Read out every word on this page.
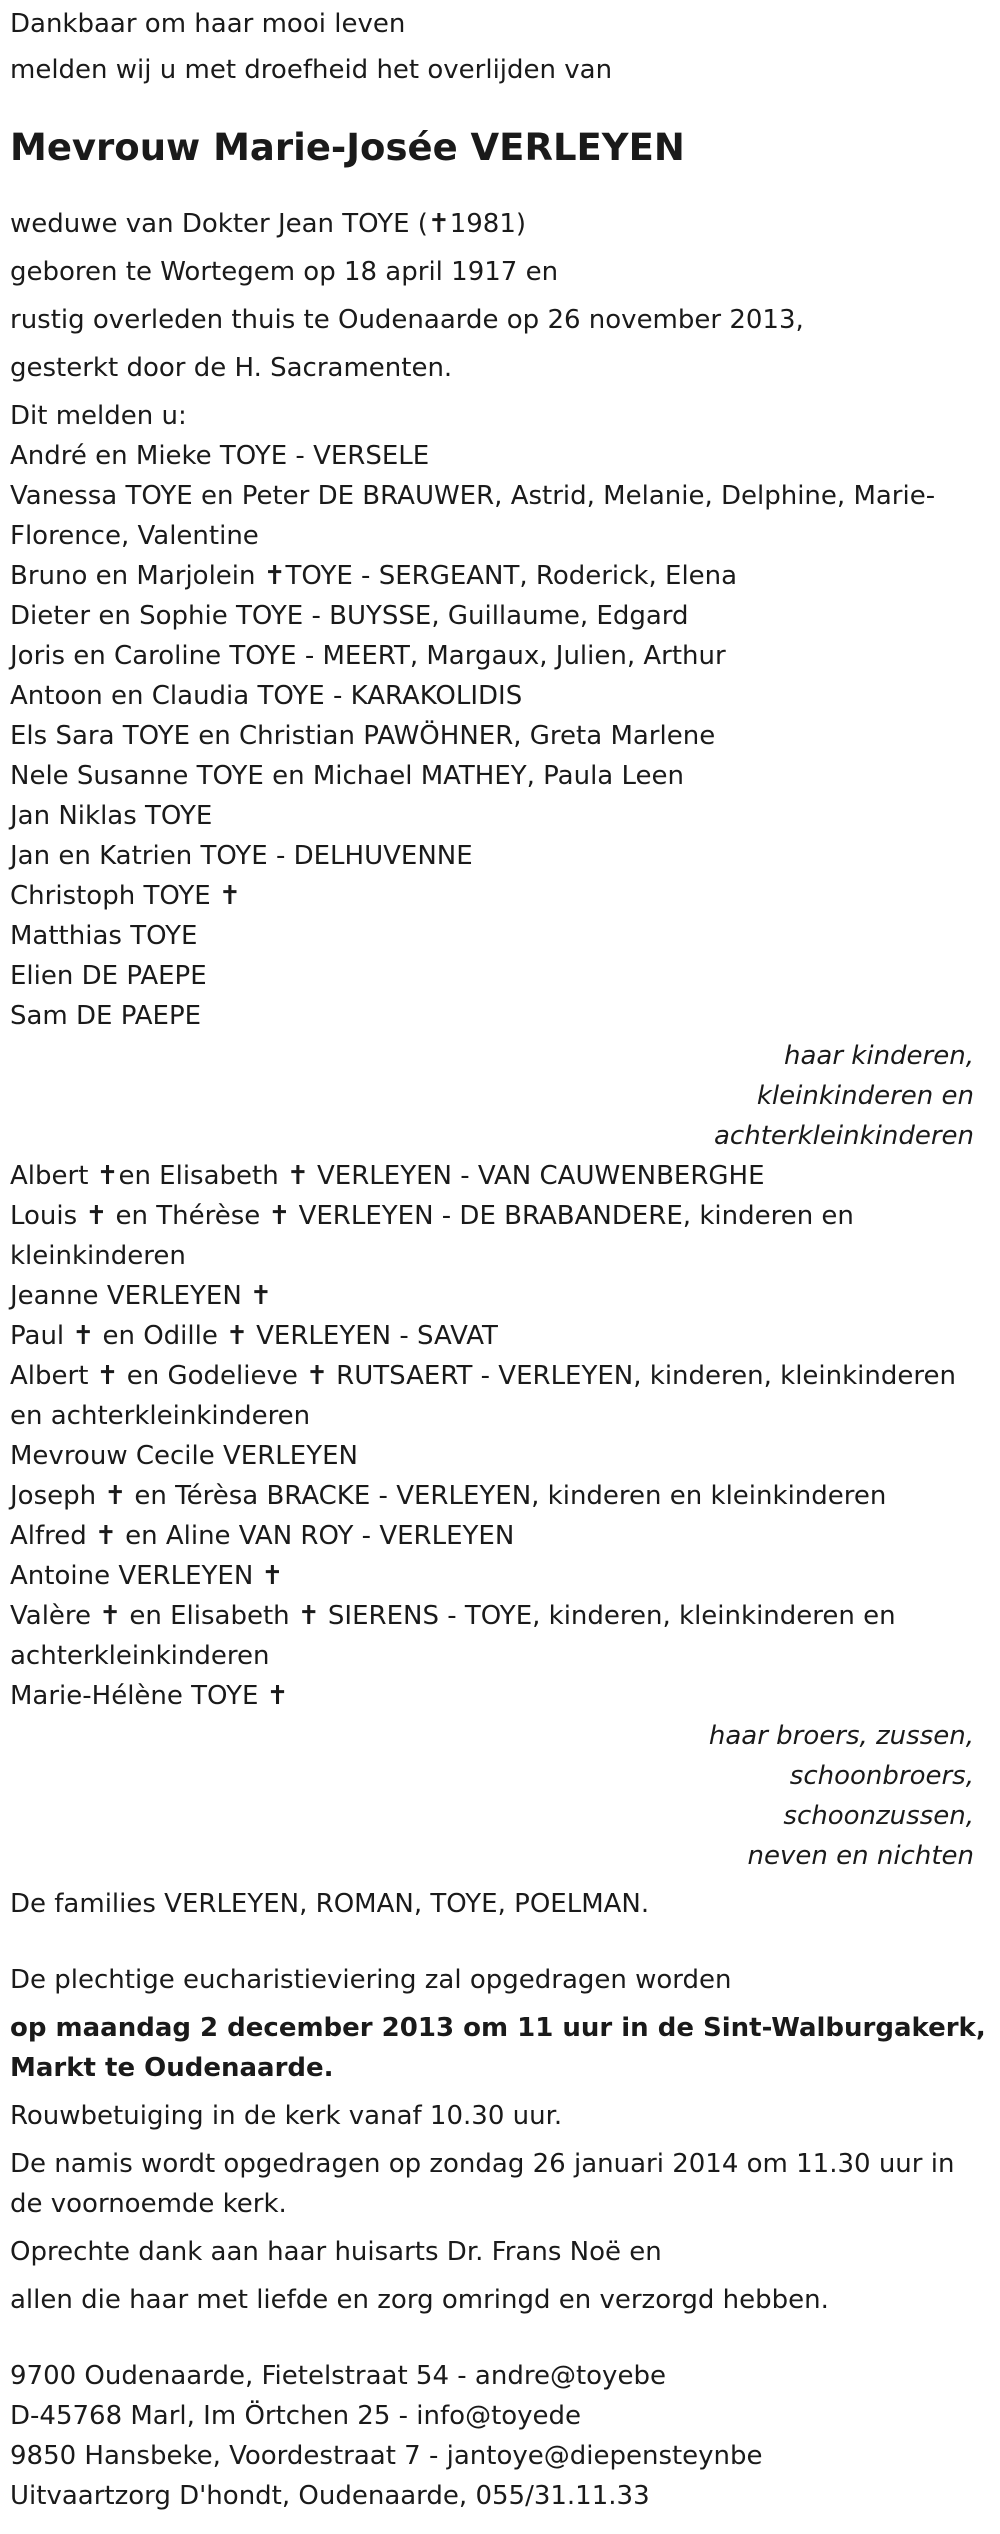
Dankbaar om haar mooi leven
melden wij u met droefheid het overlijden van
Mevrouw Marie-Josée VERLEYEN
weduwe van Dokter Jean TOYE (✝1981)
geboren te Wortegem op 18 april 1917 en
rustig overleden thuis te Oudenaarde op 26 november 2013,
gesterkt door de H. Sacramenten.
Dit melden u:
André en Mieke TOYE - VERSELE
Vanessa TOYE en Peter DE BRAUWER, Astrid, Melanie, Delphine, Marie-Florence, Valentine
Bruno en Marjolein ✝TOYE - SERGEANT, Roderick, Elena
Dieter en Sophie TOYE - BUYSSE, Guillaume, Edgard
Joris en Caroline TOYE - MEERT, Margaux, Julien, Arthur
Antoon en Claudia TOYE - KARAKOLIDIS
Els Sara TOYE en Christian PAWÖHNER, Greta Marlene
Nele Susanne TOYE en Michael MATHEY, Paula Leen
Jan Niklas TOYE
Jan en Katrien TOYE - DELHUVENNE
Christoph TOYE ✝
Matthias TOYE
Elien DE PAEPE
Sam DE PAEPE
haar kinderen,
kleinkinderen en
achterkleinkinderen
Albert ✝en Elisabeth ✝ VERLEYEN - VAN CAUWENBERGHE
Louis ✝ en Thérèse ✝ VERLEYEN - DE BRABANDERE, kinderen en kleinkinderen
Jeanne VERLEYEN ✝
Paul ✝ en Odille ✝ VERLEYEN - SAVAT
Albert ✝ en Godelieve ✝ RUTSAERT - VERLEYEN, kinderen, kleinkinderen en achterkleinkinderen
Mevrouw Cecile VERLEYEN
Joseph ✝ en Térèsa BRACKE - VERLEYEN, kinderen en kleinkinderen
Alfred ✝ en Aline VAN ROY - VERLEYEN
Antoine VERLEYEN ✝
Valère ✝ en Elisabeth ✝ SIERENS - TOYE, kinderen, kleinkinderen en achterkleinkinderen
Marie-Hélène TOYE ✝
haar broers, zussen,
schoonbroers,
schoonzussen,
neven en nichten
De families VERLEYEN, ROMAN, TOYE, POELMAN.
De plechtige eucharistieviering zal opgedragen worden
op maandag 2 december 2013 om 11 uur in de Sint-Walburgakerk, Markt te Oudenaarde.
Rouwbetuiging in de kerk vanaf 10.30 uur.
De namis wordt opgedragen op zondag 26 januari 2014 om 11.30 uur in de voornoemde kerk.
Oprechte dank aan haar huisarts Dr. Frans Noë en
allen die haar met liefde en zorg omringd en verzorgd hebben.
9700 Oudenaarde, Fietelstraat 54 - andre@toyebe
D-45768 Marl, Im Örtchen 25 - info@toyede
9850 Hansbeke, Voordestraat 7 - jantoye@diepensteynbe
Uitvaartzorg D'hondt, Oudenaarde, 055/31.11.33
